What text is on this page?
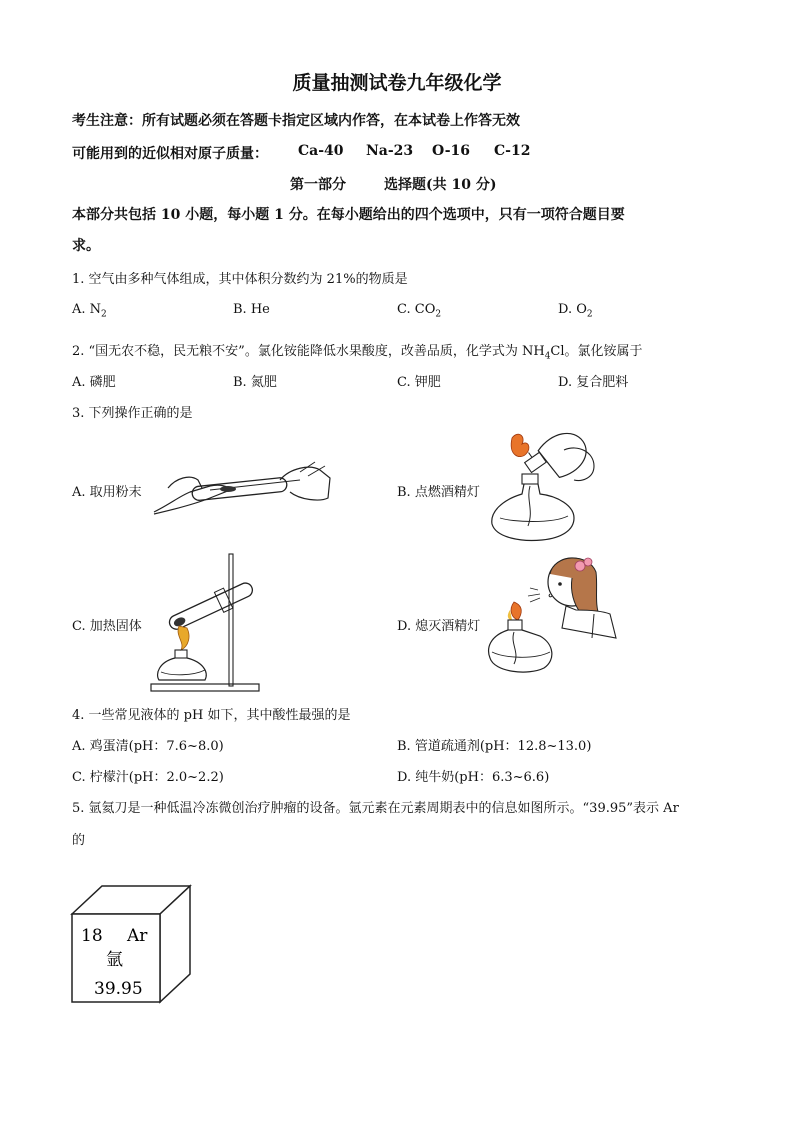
质量抽测试卷九年级化学
考生注意：所有试题必须在答题卡指定区域内作答，在本试卷上作答无效
可能用到的近似相对原子质量： Ca-40 Na-23 O-16 C-12
第一部分	选择题(共 10 分)
本部分共包括 10 小题，每小题 1 分。在每小题给出的四个选项中，只有一项符合题目要
求。
1. 空气由多种气体组成，其中体积分数约为 21%的物质是
A. $N_2$	B. He	C. $CO_2$	D. $O_2$
2. “国无农不稳，民无粮不安”。氯化铵能降低水果酸度，改善品质，化学式为 $NH_4Cl$。氯化铵属于
A. 磷肥	B. 氮肥	C. 钾肥	D. 复合肥料
3. 下列操作正确的是
A. 取用粉末	B. 点燃酒精灯
C. 加热固体	D. 熄灭酒精灯
4. 一些常见液体的 pH 如下，其中酸性最强的是
A. 鸡蛋清(pH：7.6~8.0)	B. 管道疏通剂(pH：12.8~13.0)
C. 柠檬汁(pH：2.0~2.2)	D. 纯牛奶(pH：6.3~6.6)
5. 氩氦刀是一种低温冷冻微创治疗肿瘤的设备。氩元素在元素周期表中的信息如图所示。“39.95”表示 Ar
的
18 Ar
氩
39.95
